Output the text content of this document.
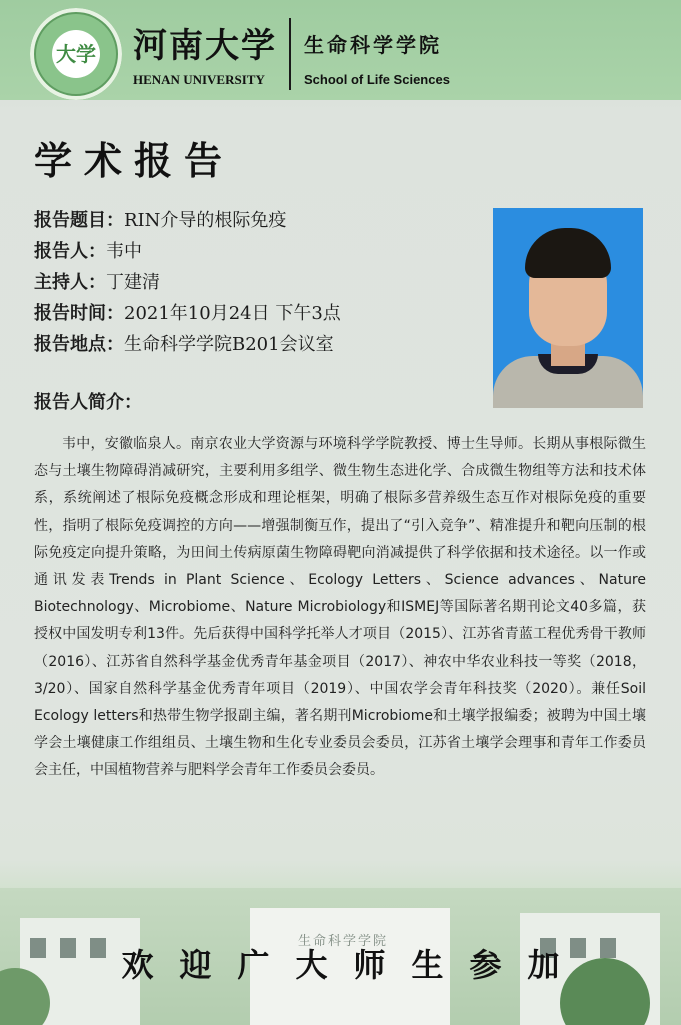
大学 河南大学
HENAN UNIVERSITY
生命科学学院
School of Life Sciences
学术报告
报告题目：RIN介导的根际免疫
报告人：韦中
主持人：丁建清
报告时间：2021年10月24日 下午3点
报告地点：生命科学学院B201会议室
报告人简介：
韦中，安徽临泉人。南京农业大学资源与环境科学学院教授、博士生导师。长期从事根际微生态与土壤生物障碍消减研究，主要利用多组学、微生物生态进化学、合成微生物组等方法和技术体系，系统阐述了根际免疫概念形成和理论框架，明确了根际多营养级生态互作对根际免疫的重要性，指明了根际免疫调控的方向——增强制衡互作，提出了“引入竞争”、精准提升和靶向压制的根际免疫定向提升策略，为田间土传病原菌生物障碍靶向消减提供了科学依据和技术途径。以一作或通讯发表Trends in Plant Science、Ecology Letters、Science advances、Nature Biotechnology、Microbiome、Nature Microbiology和ISMEJ等国际著名期刊论文40多篇，获授权中国发明专利13件。先后获得中国科学托举人才项目（2015）、江苏省青蓝工程优秀骨干教师（2016）、江苏省自然科学基金优秀青年基金项目（2017）、神农中华农业科技一等奖（2018，3/20）、国家自然科学基金优秀青年项目（2019）、中国农学会青年科技奖（2020）。兼任Soil Ecology letters和热带生物学报副主编，著名期刊Microbiome和土壤学报编委；被聘为中国土壤学会土壤健康工作组组员、土壤生物和生化专业委员会委员，江苏省土壤学会理事和青年工作委员会主任，中国植物营养与肥料学会青年工作委员会委员。
生命科学学院
欢迎广大师生参加
